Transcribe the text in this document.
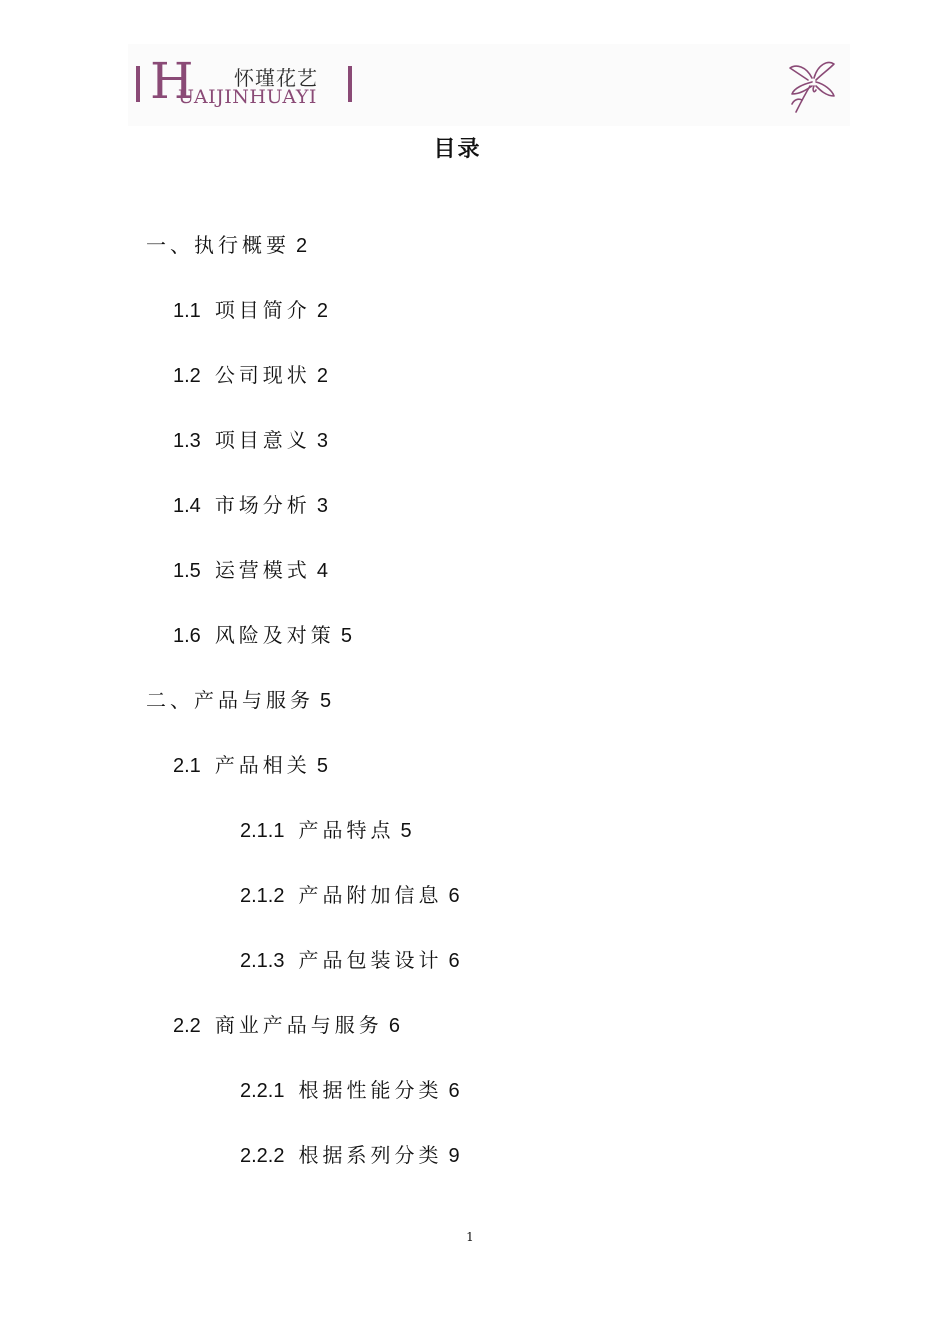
H 怀瑾花艺
UAIJINHUAYI
目录
一、执行概要 2
1.1 项目简介 2
1.2 公司现状 2
1.3 项目意义 3
1.4 市场分析 3
1.5 运营模式 4
1.6 风险及对策 5
二、产品与服务 5
2.1 产品相关 5
2.1.1 产品特点 5
2.1.2 产品附加信息 6
2.1.3 产品包装设计 6
2.2 商业产品与服务 6
2.2.1 根据性能分类 6
2.2.2 根据系列分类 9
1
